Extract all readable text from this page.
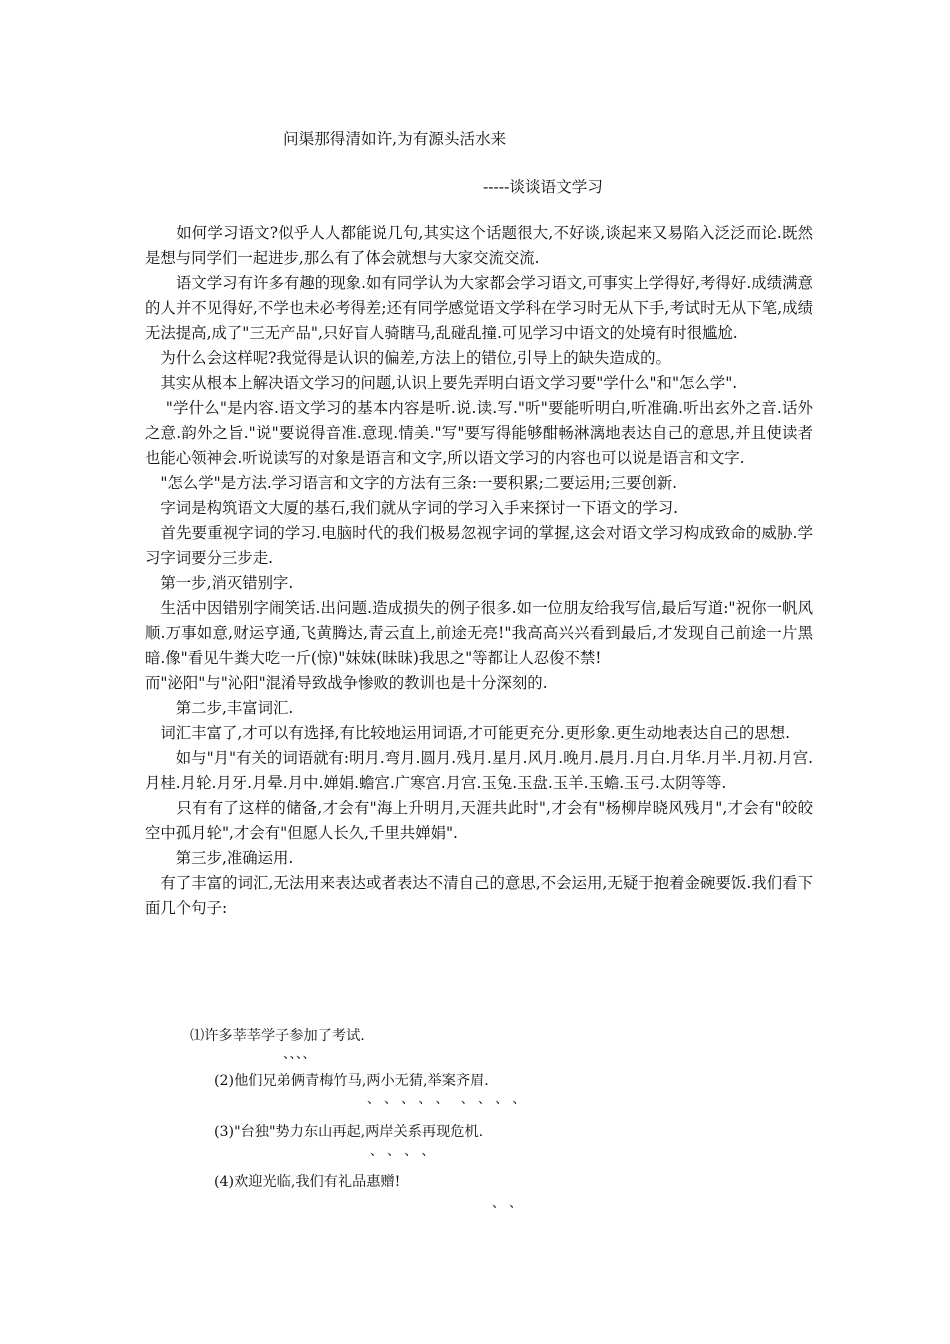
问渠那得清如许,为有源头活水来
-----谈谈语文学习

　　如何学习语文?似乎人人都能说几句,其实这个话题很大,不好谈,谈起来又易陷入泛泛而论.既然是想与同学们一起进步,那么有了体会就想与大家交流交流.

　　语文学习有许多有趣的现象.如有同学认为大家都会学习语文,可事实上学得好,考得好.成绩满意的人并不见得好,不学也未必考得差;还有同学感觉语文学科在学习时无从下手,考试时无从下笔,成绩无法提高,成了"三无产品",只好盲人骑瞎马,乱碰乱撞.可见学习中语文的处境有时很尴尬.

　为什么会这样呢?我觉得是认识的偏差,方法上的错位,引导上的缺失造成的。

　其实从根本上解决语文学习的问题,认识上要先弄明白语文学习要"学什么"和"怎么学".

　 "学什么"是内容.语文学习的基本内容是听.说.读.写."听"要能听明白,听准确.听出玄外之音.话外之意.韵外之旨."说"要说得音准.意现.情美."写"要写得能够酣畅淋漓地表达自己的意思,并且使读者也能心领神会.听说读写的对象是语言和文字,所以语文学习的内容也可以说是语言和文字.

　"怎么学"是方法.学习语言和文字的方法有三条:一要积累;二要运用;三要创新.

　字词是构筑语文大厦的基石,我们就从字词的学习入手来探讨一下语文的学习.

　首先要重视字词的学习.电脑时代的我们极易忽视字词的掌握,这会对语文学习构成致命的威胁.学习字词要分三步走.

　第一步,消灭错别字.

　生活中因错别字闹笑话.出问题.造成损失的例子很多.如一位朋友给我写信,最后写道:"祝你一帆风顺.万事如意,财运亨通,飞黄腾达,青云直上,前途无亮!"我高高兴兴看到最后,才发现自己前途一片黑暗.像"看见牛粪大吃一斤(惊)"妹妹(昧昧)我思之"等都让人忍俊不禁!

而"泌阳"与"沁阳"混淆导致战争惨败的教训也是十分深刻的.

　　第二步,丰富词汇.

　词汇丰富了,才可以有选择,有比较地运用词语,才可能更充分.更形象.更生动地表达自己的思想.

　　如与"月"有关的词语就有:明月.弯月.圆月.残月.星月.风月.晚月.晨月.月白.月华.月半.月初.月宫.月桂.月轮.月牙.月晕.月中.婵娟.蟾宫.广寒宫.月宫.玉兔.玉盘.玉羊.玉蟾.玉弓.太阴等等.

　　只有有了这样的储备,才会有"海上升明月,天涯共此时",才会有"杨柳岸晓风残月",才会有"皎皎空中孤月轮",才会有"但愿人长久,千里共婵娟".

　　第三步,准确运用.

　有了丰富的词汇,无法用来表达或者表达不清自己的意思,不会运用,无疑于抱着金碗要饭.我们看下面几个句子:

⑴许多莘莘学子参加了考试.
、、、、
(2)他们兄弟俩青梅竹马,两小无猜,举案齐眉.
、 、 、 、 、   、 、 、 、
(3)"台独"势力东山再起,两岸关系再现危机.
、 、 、 、
(4)欢迎光临,我们有礼品惠赠!
、 、
